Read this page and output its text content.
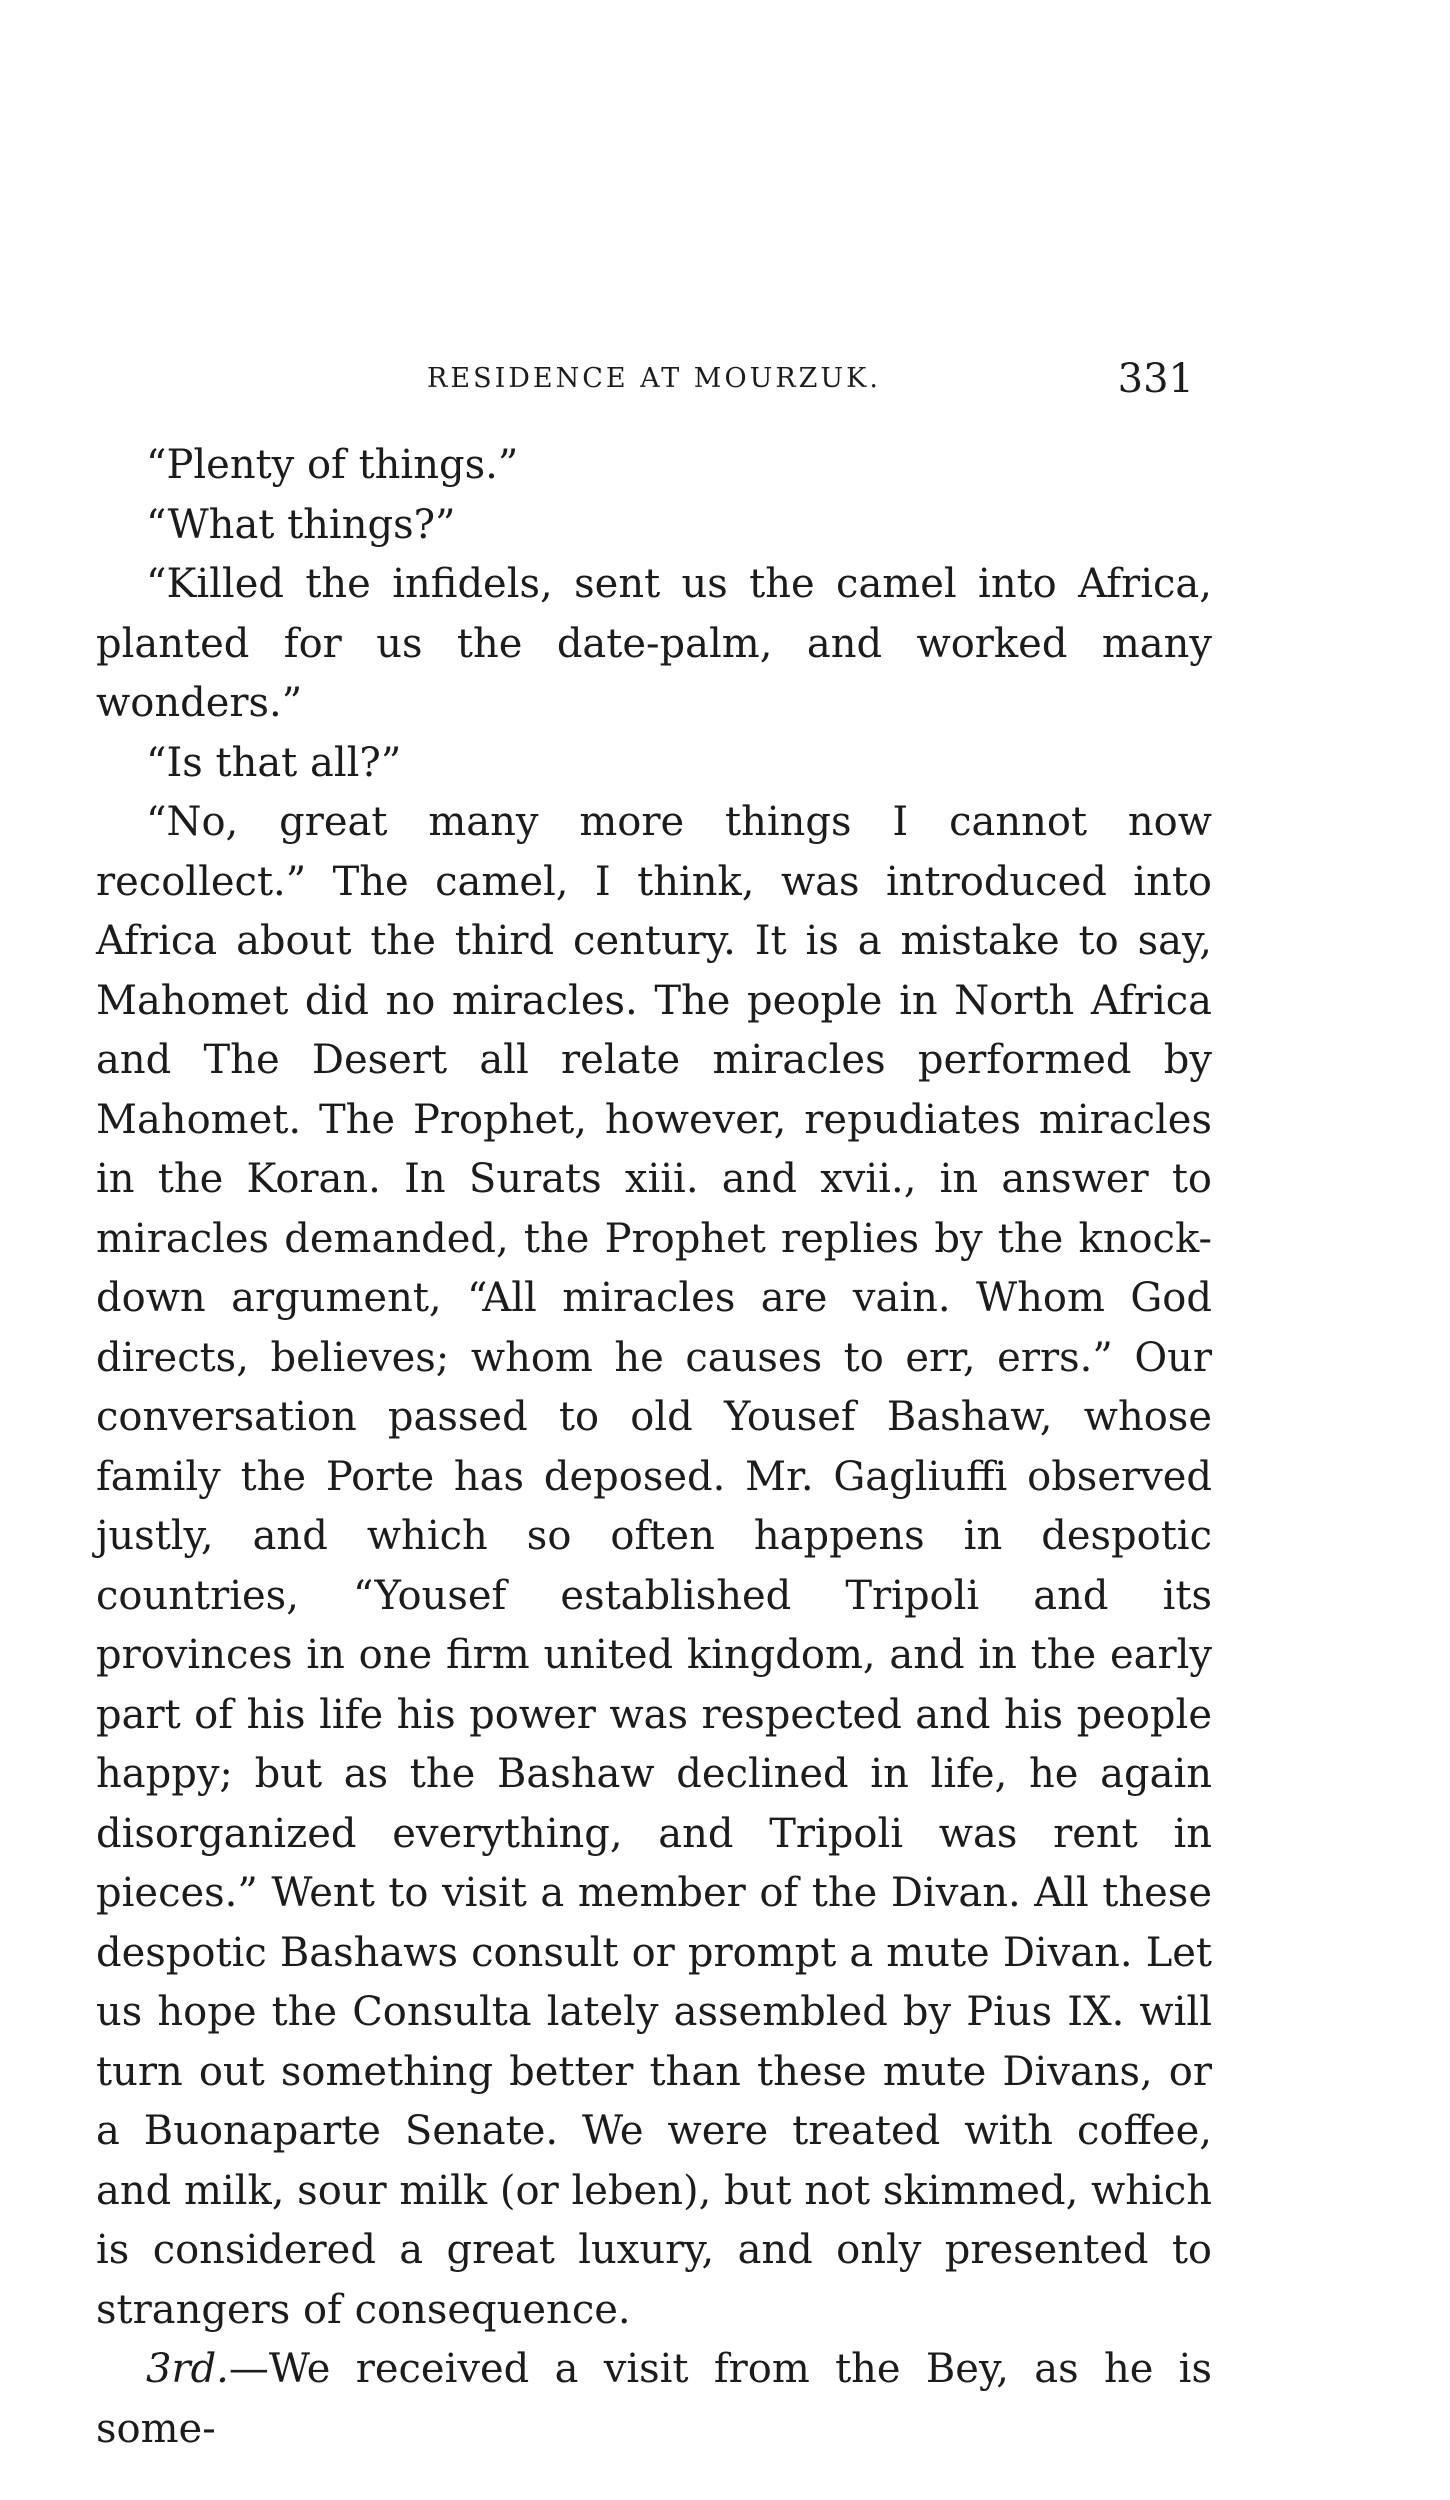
RESIDENCE AT MOURZUK.	331

“Plenty of things.”

“What things?”

“Killed the infidels, sent us the camel into Africa, planted for us the date-palm, and worked many wonders.”

“Is that all?”

“No, great many more things I cannot now recollect.” The camel, I think, was introduced into Africa about the third century. It is a mistake to say, Mahomet did no miracles. The people in North Africa and The Desert all relate miracles performed by Mahomet. The Prophet, however, repudiates miracles in the Koran. In Surats xiii. and xvii., in answer to miracles demanded, the Prophet replies by the knock-down argument, “All miracles are vain. Whom God directs, believes; whom he causes to err, errs.” Our conversation passed to old Yousef Bashaw, whose family the Porte has deposed. Mr. Gagliuffi observed justly, and which so often happens in despotic countries, “Yousef established Tripoli and its provinces in one firm united kingdom, and in the early part of his life his power was respected and his people happy; but as the Bashaw declined in life, he again disorganized everything, and Tripoli was rent in pieces.” Went to visit a member of the Divan. All these despotic Bashaws consult or prompt a mute Divan. Let us hope the Consulta lately assembled by Pius IX. will turn out something better than these mute Divans, or a Buonaparte Senate. We were treated with coffee, and milk, sour milk (or leben), but not skimmed, which is considered a great luxury, and only presented to strangers of consequence.

3rd.—We received a visit from the Bey, as he is some-
